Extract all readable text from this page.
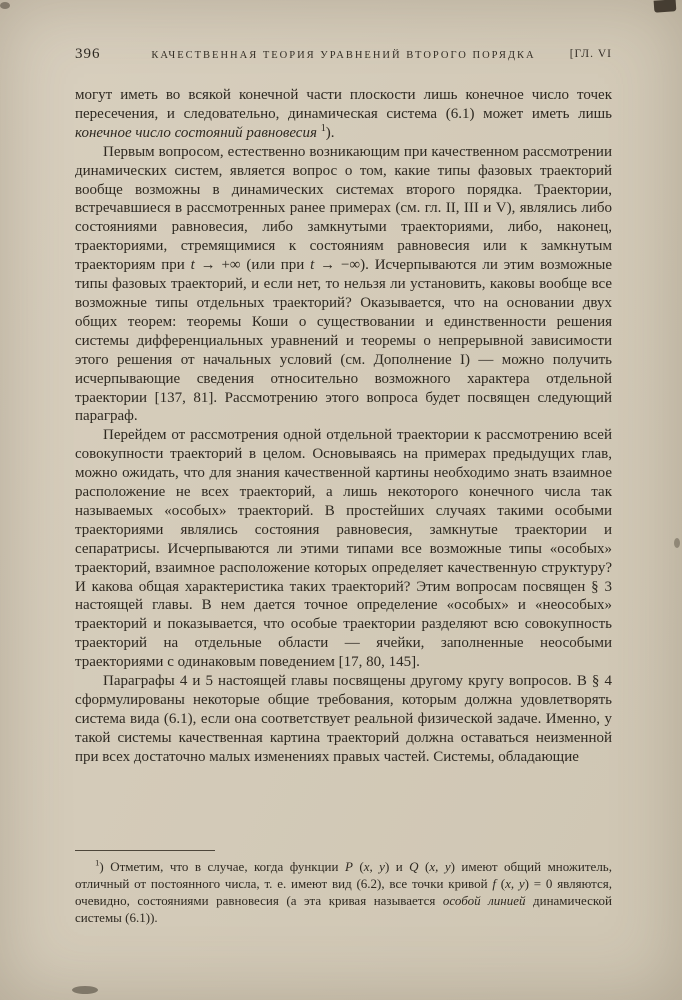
396	КАЧЕСТВЕННАЯ ТЕОРИЯ УРАВНЕНИЙ ВТОРОГО ПОРЯДКА	[ГЛ. VI

могут иметь во всякой конечной части плоскости лишь конечное число точек пересечения, и следовательно, динамическая система (6.1) может иметь лишь конечное число состояний равновесия $^1$).

Первым вопросом, естественно возникающим при качественном рассмотрении динамических систем, является вопрос о том, какие типы фазовых траекторий вообще возможны в динамических системах второго порядка. Траектории, встречавшиеся в рассмотренных ранее примерах (см. гл. II, III и V), являлись либо состояниями равновесия, либо замкнутыми траекториями, либо, наконец, траекториями, стремящимися к состояниям равновесия или к замкнутым траекториям при t → +∞ (или при t → −∞). Исчерпываются ли этим возможные типы фазовых траекторий, и если нет, то нельзя ли установить, каковы вообще все возможные типы отдельных траекторий? Оказывается, что на основании двух общих теорем: теоремы Коши о существовании и единственности решения системы дифференциальных уравнений и теоремы о непрерывной зависимости этого решения от начальных условий (см. Дополнение I) — можно получить исчерпывающие сведения относительно возможного характера отдельной траектории [137, 81]. Рассмотрению этого вопроса будет посвящен следующий параграф.

Перейдем от рассмотрения одной отдельной траектории к рассмотрению всей совокупности траекторий в целом. Основываясь на примерах предыдущих глав, можно ожидать, что для знания качественной картины необходимо знать взаимное расположение не всех траекторий, а лишь некоторого конечного числа так называемых «особых» траекторий. В простейших случаях такими особыми траекториями являлись состояния равновесия, замкнутые траектории и сепаратрисы. Исчерпываются ли этими типами все возможные типы «особых» траекторий, взаимное расположение которых определяет качественную структуру? И какова общая характеристика таких траекторий? Этим вопросам посвящен § 3 настоящей главы. В нем дается точное определение «особых» и «неособых» траекторий и показывается, что особые траектории разделяют всю совокупность траекторий на отдельные области — ячейки, заполненные неособыми траекториями с одинаковым поведением [17, 80, 145].

Параграфы 4 и 5 настоящей главы посвящены другому кругу вопросов. В § 4 сформулированы некоторые общие требования, которым должна удовлетворять система вида (6.1), если она соответствует реальной физической задаче. Именно, у такой системы качественная картина траекторий должна оставаться неизменной при всех достаточно малых изменениях правых частей. Системы, обладающие

$^1$) Отметим, что в случае, когда функции P (x, y) и Q (x, y) имеют общий множитель, отличный от постоянного числа, т. е. имеют вид (6.2), все точки кривой f (x, y) = 0 являются, очевидно, состояниями равновесия (а эта кривая называется особой линией динамической системы (6.1)).
